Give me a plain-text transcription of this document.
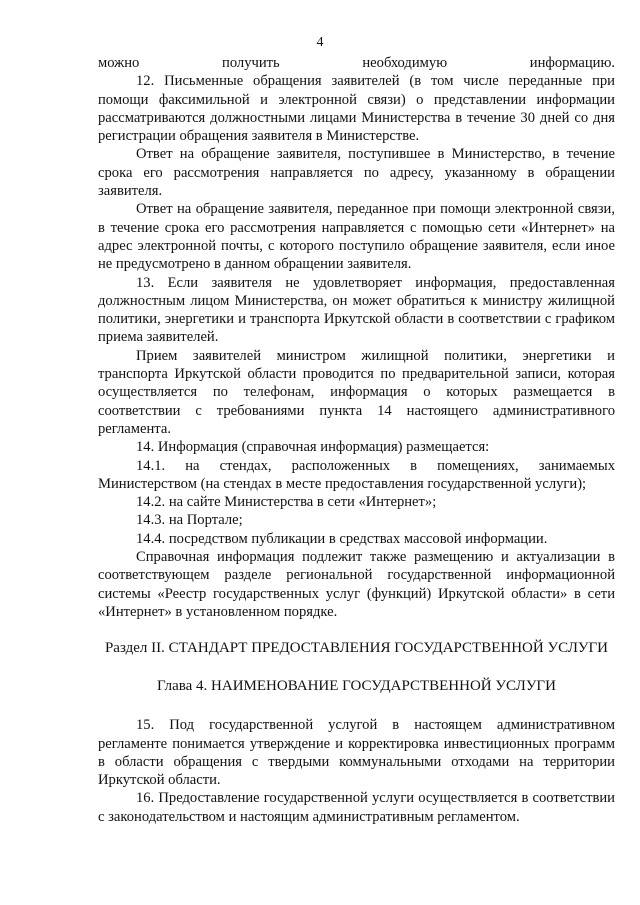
4

можно получить необходимую информацию.

12. Письменные обращения заявителей (в том числе переданные при помощи факсимильной и электронной связи) о представлении информации рассматриваются должностными лицами Министерства в течение 30 дней со дня регистрации обращения заявителя в Министерстве.

Ответ на обращение заявителя, поступившее в Министерство, в течение срока его рассмотрения направляется по адресу, указанному в обращении заявителя.

Ответ на обращение заявителя, переданное при помощи электронной связи, в течение срока его рассмотрения направляется с помощью сети «Интернет» на адрес электронной почты, с которого поступило обращение заявителя, если иное не предусмотрено в данном обращении заявителя.

13. Если заявителя не удовлетворяет информация, предоставленная должностным лицом Министерства, он может обратиться к министру жилищной политики, энергетики и транспорта Иркутской области в соответствии с графиком приема заявителей.

Прием заявителей министром жилищной политики, энергетики и транспорта Иркутской области проводится по предварительной записи, которая осуществляется по телефонам, информация о которых размещается в соответствии с требованиями пункта 14 настоящего административного регламента.

14. Информация (справочная информация) размещается:

14.1. на стендах, расположенных в помещениях, занимаемых Министерством (на стендах в месте предоставления государственной услуги);

14.2. на сайте Министерства в сети «Интернет»;

14.3. на Портале;

14.4. посредством публикации в средствах массовой информации.

Справочная информация подлежит также размещению и актуализации в соответствующем разделе региональной государственной информационной системы «Реестр государственных услуг (функций) Иркутской области» в сети «Интернет» в установленном порядке.

Раздел II. СТАНДАРТ ПРЕДОСТАВЛЕНИЯ ГОСУДАРСТВЕННОЙ УСЛУГИ

Глава 4. НАИМЕНОВАНИЕ ГОСУДАРСТВЕННОЙ УСЛУГИ

15. Под государственной услугой в настоящем административном регламенте понимается утверждение и корректировка инвестиционных программ в области обращения с твердыми коммунальными отходами на территории Иркутской области.

16. Предоставление государственной услуги осуществляется в соответствии с законодательством и настоящим административным регламентом.
